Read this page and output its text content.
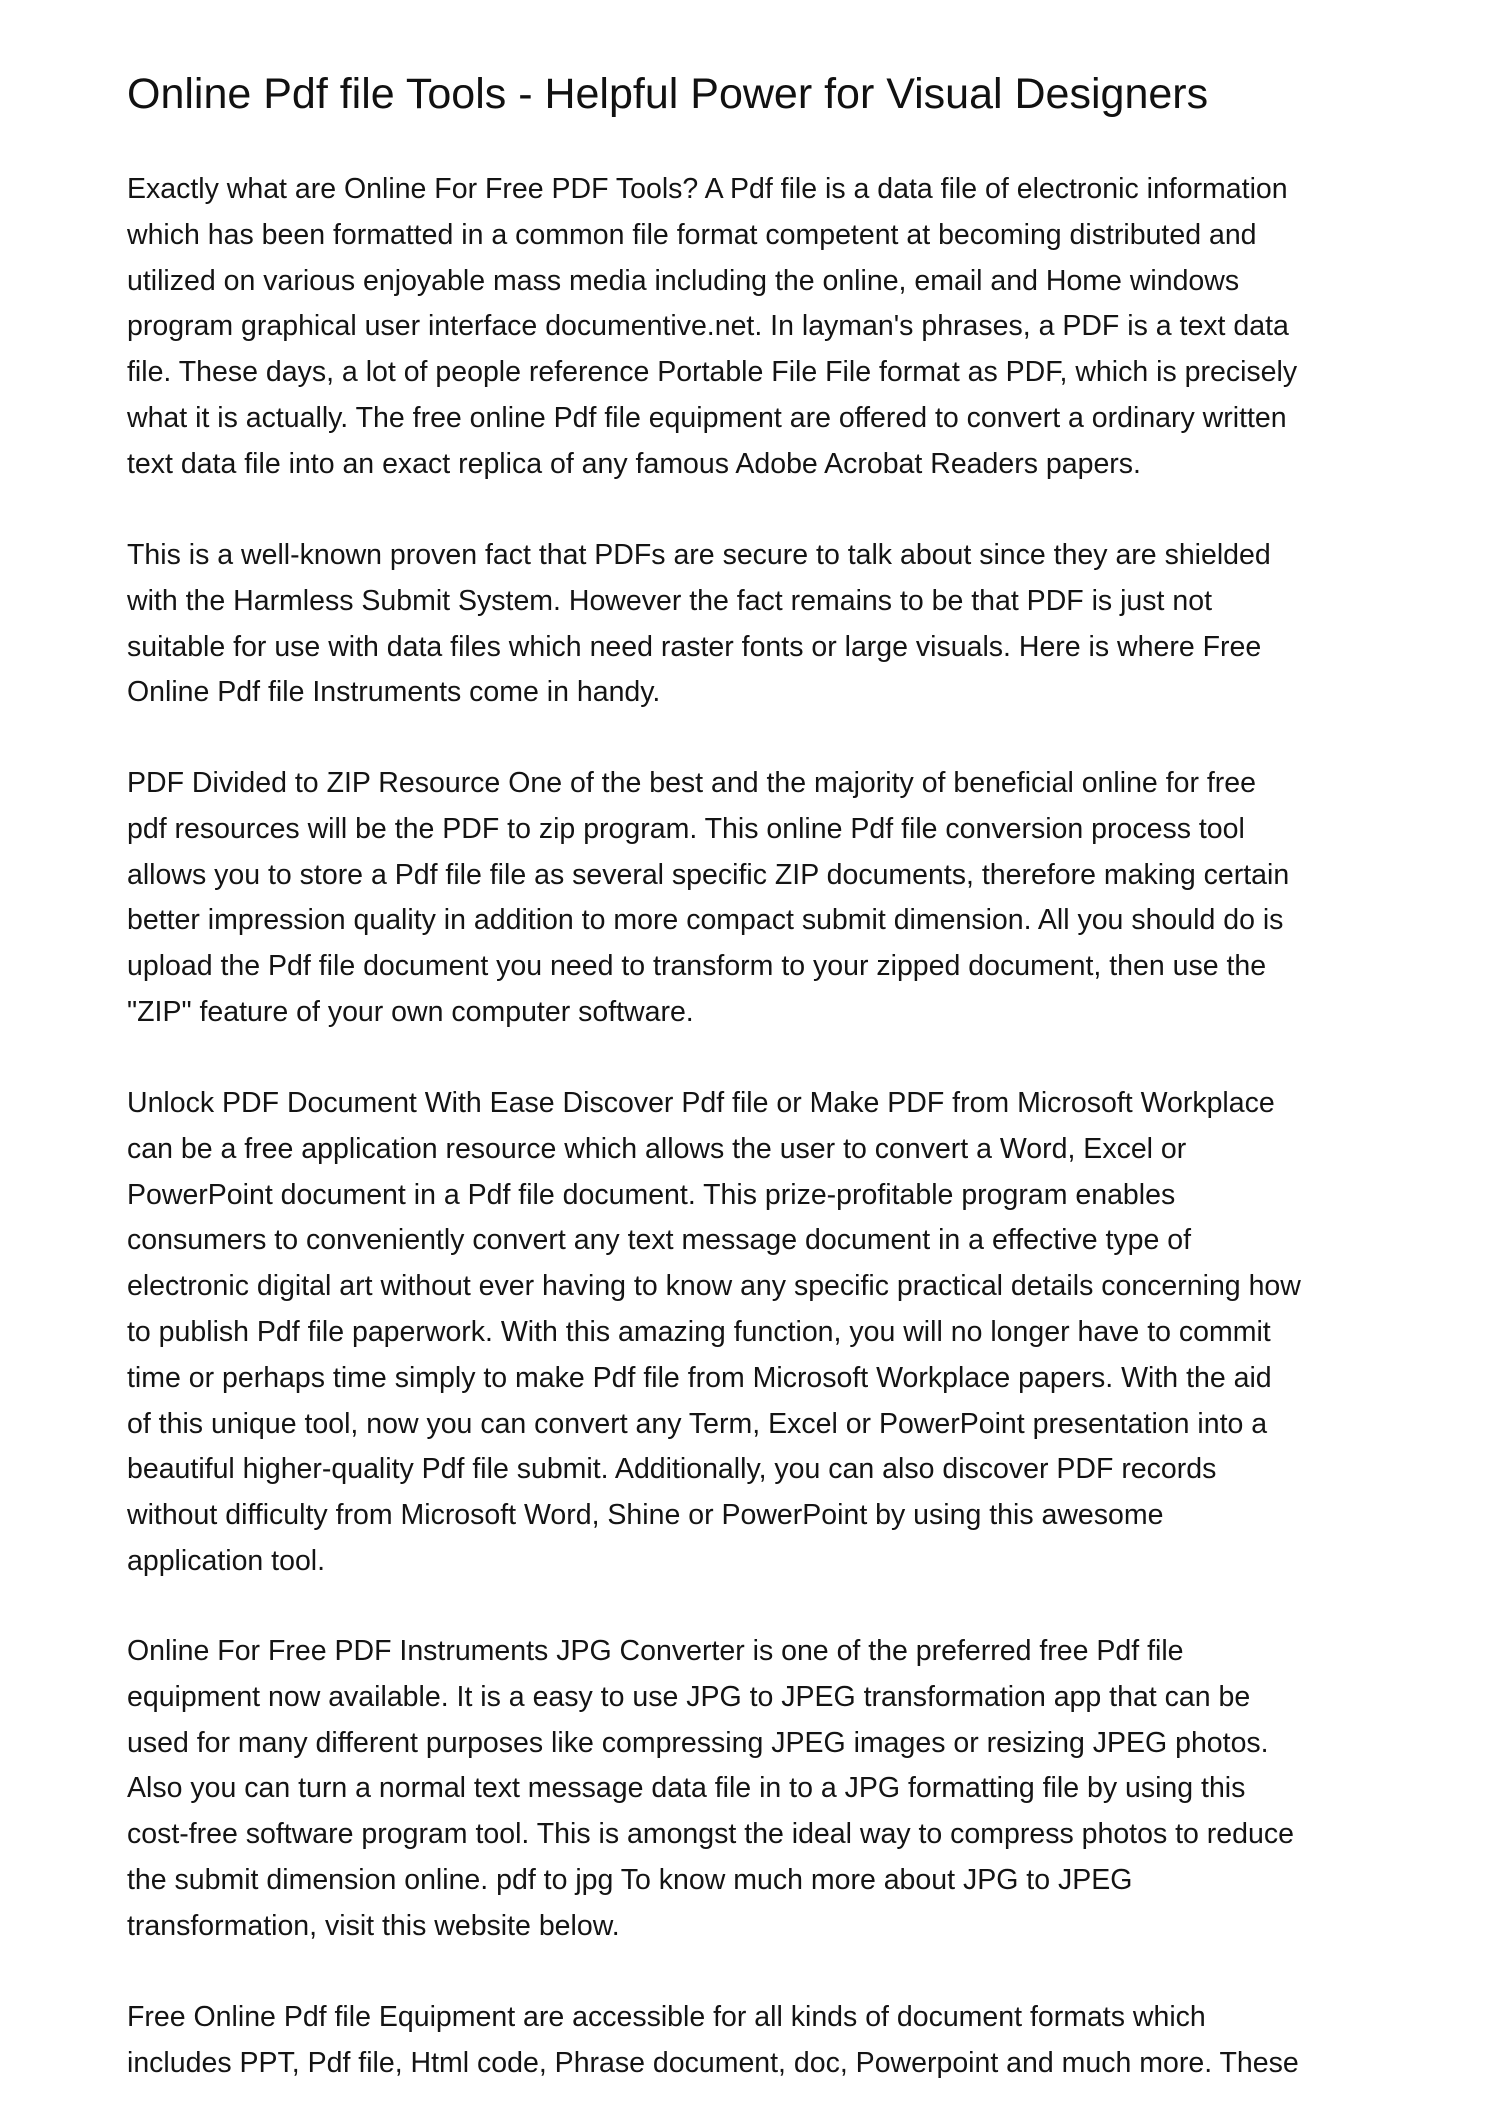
Online Pdf file Tools - Helpful Power for Visual Designers
Exactly what are Online For Free PDF Tools? A Pdf file is a data file of electronic information
which has been formatted in a common file format competent at becoming distributed and
utilized on various enjoyable mass media including the online, email and Home windows
program graphical user interface documentive.net. In layman's phrases, a PDF is a text data
file. These days, a lot of people reference Portable File File format as PDF, which is precisely
what it is actually. The free online Pdf file equipment are offered to convert a ordinary written
text data file into an exact replica of any famous Adobe Acrobat Readers papers.
This is a well-known proven fact that PDFs are secure to talk about since they are shielded
with the Harmless Submit System. However the fact remains to be that PDF is just not
suitable for use with data files which need raster fonts or large visuals. Here is where Free
Online Pdf file Instruments come in handy.
PDF Divided to ZIP Resource One of the best and the majority of beneficial online for free
pdf resources will be the PDF to zip program. This online Pdf file conversion process tool
allows you to store a Pdf file file as several specific ZIP documents, therefore making certain
better impression quality in addition to more compact submit dimension. All you should do is
upload the Pdf file document you need to transform to your zipped document, then use the
"ZIP" feature of your own computer software.
Unlock PDF Document With Ease Discover Pdf file or Make PDF from Microsoft Workplace
can be a free application resource which allows the user to convert a Word, Excel or
PowerPoint document in a Pdf file document. This prize-profitable program enables
consumers to conveniently convert any text message document in a effective type of
electronic digital art without ever having to know any specific practical details concerning how
to publish Pdf file paperwork. With this amazing function, you will no longer have to commit
time or perhaps time simply to make Pdf file from Microsoft Workplace papers. With the aid
of this unique tool, now you can convert any Term, Excel or PowerPoint presentation into a
beautiful higher-quality Pdf file submit. Additionally, you can also discover PDF records
without difficulty from Microsoft Word, Shine or PowerPoint by using this awesome
application tool.
Online For Free PDF Instruments JPG Converter is one of the preferred free Pdf file
equipment now available. It is a easy to use JPG to JPEG transformation app that can be
used for many different purposes like compressing JPEG images or resizing JPEG photos.
Also you can turn a normal text message data file in to a JPG formatting file by using this
cost-free software program tool. This is amongst the ideal way to compress photos to reduce
the submit dimension online. pdf to jpg To know much more about JPG to JPEG
transformation, visit this website below.
Free Online Pdf file Equipment are accessible for all kinds of document formats which
includes PPT, Pdf file, Html code, Phrase document, doc, Powerpoint and much more. These
